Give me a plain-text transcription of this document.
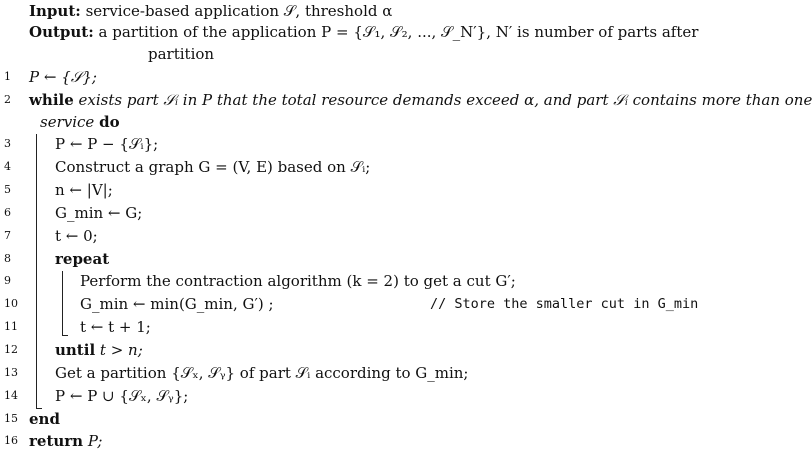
Input: service-based application 𝒮, threshold α
Output: a partition of the application P = {𝒮₁, 𝒮₂, ..., 𝒮_N′}, N′ is number of parts after
partition
1	P ← {𝒮};
2	while exists part 𝒮ᵢ in P that the total resource demands exceed α, and part 𝒮ᵢ contains more than one
service do
3	P ← P − {𝒮ᵢ};
4	Construct a graph G = (V, E) based on 𝒮ᵢ;
5	n ← |V|;
6	G_min ← G;
7	t ← 0;
8	repeat
9	Perform the contraction algorithm (k = 2) to get a cut G′;
10	G_min ← min(G_min, G′) ;	// Store the smaller cut in G_min
11	t ← t + 1;
12 until t > n;
13 Get a partition {𝒮ₓ, 𝒮ᵧ} of part 𝒮ᵢ according to G_min;
14 P ← P ∪ {𝒮ₓ, 𝒮ᵧ};
15 end
16 return P;
